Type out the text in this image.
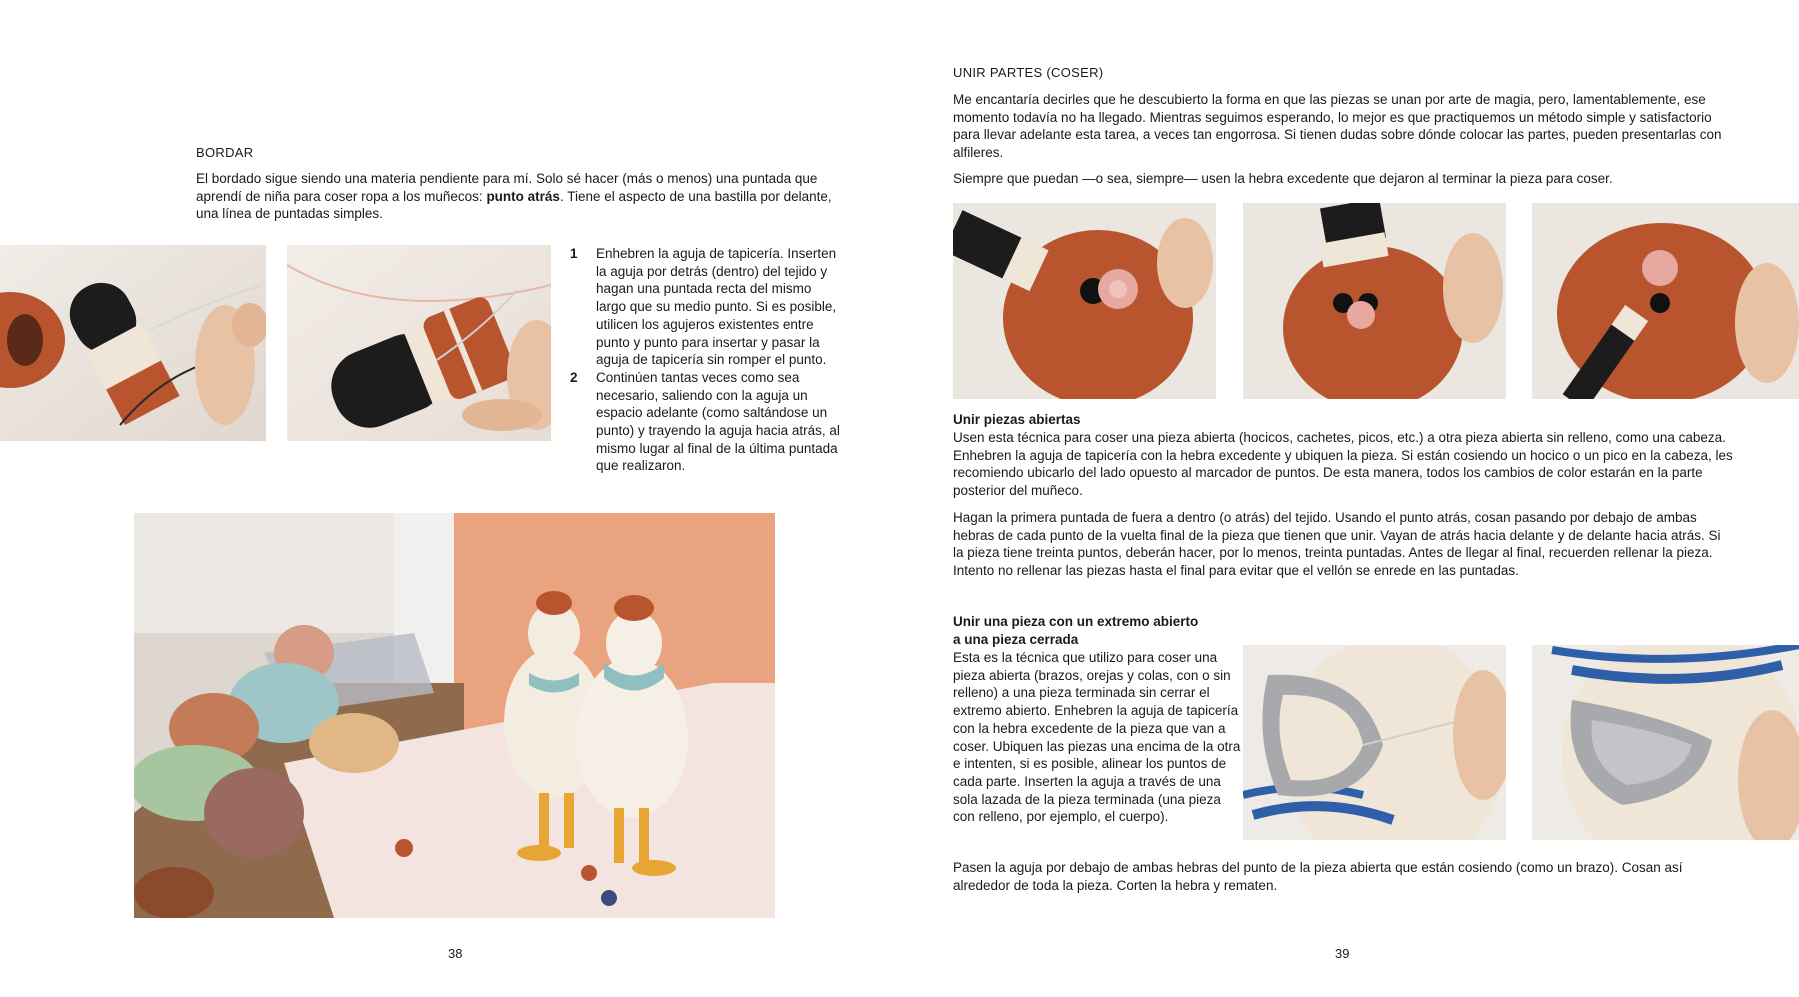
BORDAR

El bordado sigue siendo una materia pendiente para mí. Solo sé hacer (más o menos) una puntada que aprendí de niña para coser ropa a los muñecos: punto atrás. Tiene el aspecto de una bastilla por delante, una línea de puntadas simples.

1	Enhebren la aguja de tapicería. Inserten la aguja por detrás (dentro) del tejido y hagan una puntada recta del mismo largo que su medio punto. Si es posible, utilicen los agujeros existentes entre punto y punto para insertar y pasar la aguja de tapicería sin romper el punto.
2	Continúen tantas veces como sea necesario, saliendo con la aguja un espacio adelante (como saltándose un punto) y trayendo la aguja hacia atrás, al mismo lugar al final de la última puntada que realizaron.
38
UNIR PARTES (COSER)

Me encantaría decirles que he descubierto la forma en que las piezas se unan por arte de magia, pero, lamentablemente, ese momento todavía no ha llegado. Mientras seguimos esperando, lo mejor es que practiquemos un método simple y satisfactorio para llevar adelante esta tarea, a veces tan engorrosa. Si tienen dudas sobre dónde colocar las partes, pueden presentarlas con alfileres.

Siempre que puedan —o sea, siempre— usen la hebra excedente que dejaron al terminar la pieza para coser.

Unir piezas abiertas

Usen esta técnica para coser una pieza abierta (hocicos, cachetes, picos, etc.) a otra pieza abierta sin relleno, como una cabeza. Enhebren la aguja de tapicería con la hebra excedente y ubiquen la pieza. Si están cosiendo un hocico o un pico en la cabeza, les recomiendo ubicarlo del lado opuesto al marcador de puntos. De esta manera, todos los cambios de color estarán en la parte posterior del muñeco.

Hagan la primera puntada de fuera a dentro (o atrás) del tejido. Usando el punto atrás, cosan pasando por debajo de ambas hebras de cada punto de la vuelta final de la pieza que tienen que unir. Vayan de atrás hacia delante y de delante hacia atrás. Si la pieza tiene treinta puntos, deberán hacer, por lo menos, treinta puntadas. Antes de llegar al final, recuerden rellenar la pieza. Intento no rellenar las piezas hasta el final para evitar que el vellón se enrede en las puntadas.

Unir una pieza con un extremo abierto
a una pieza cerrada

Esta es la técnica que utilizo para coser una pieza abierta (brazos, orejas y colas, con o sin relleno) a una pieza terminada sin cerrar el extremo abierto. Enhebren la aguja de tapicería con la hebra excedente de la pieza que van a coser. Ubiquen las piezas una encima de la otra e intenten, si es posible, alinear los puntos de cada parte. Inserten la aguja a través de una sola lazada de la pieza terminada (una pieza con relleno, por ejemplo, el cuerpo).

Pasen la aguja por debajo de ambas hebras del punto de la pieza abierta que están cosiendo (como un brazo). Cosan así alrededor de toda la pieza. Corten la hebra y rematen.

39
